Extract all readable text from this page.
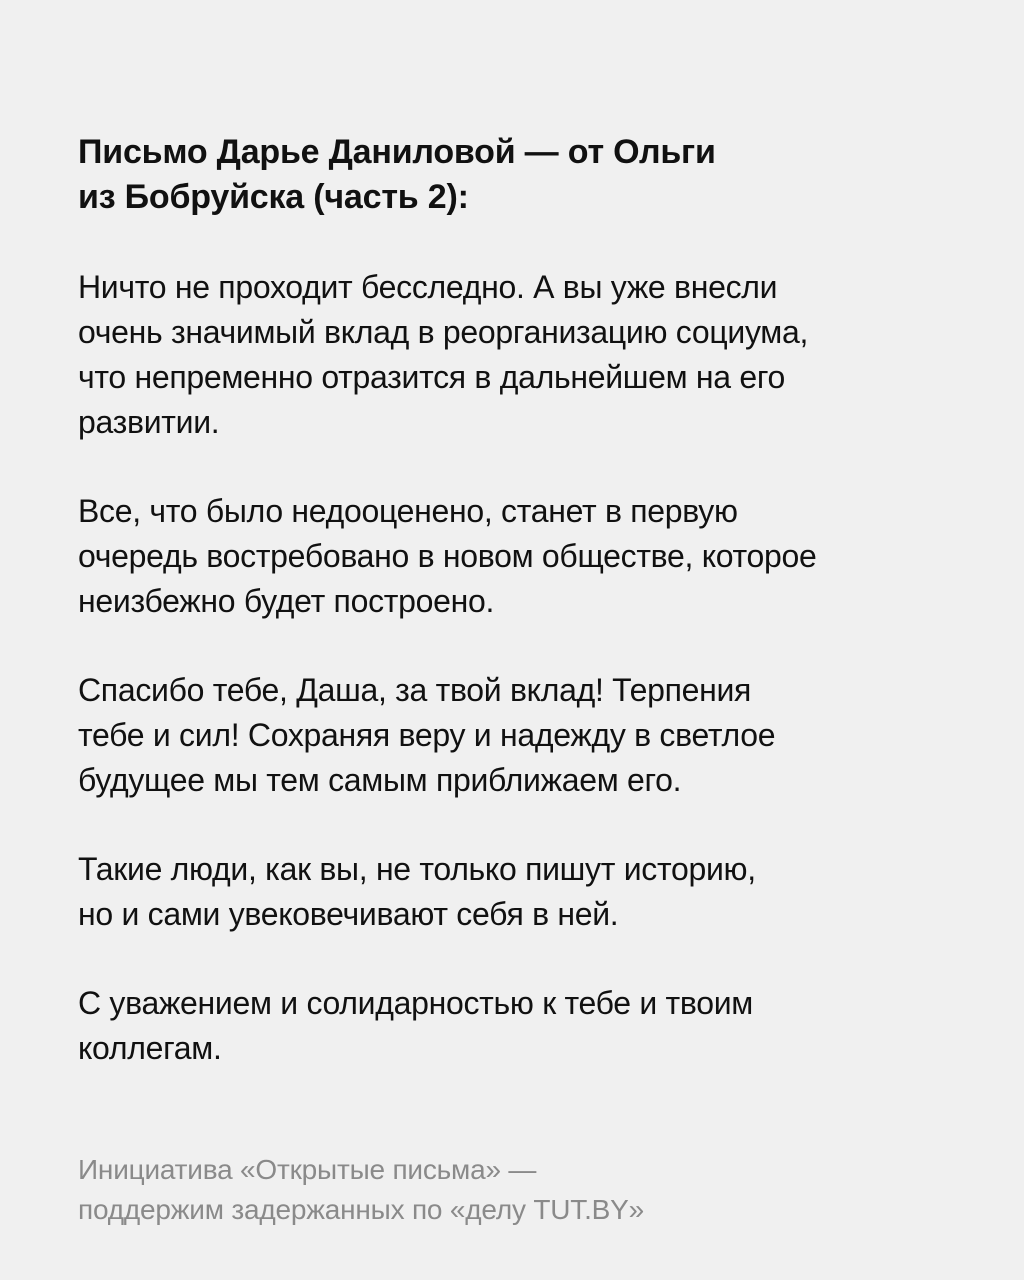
Письмо Дарье Даниловой — от Ольги
из Бобруйска (часть 2):
Ничто не проходит бесследно. А вы уже внесли
очень значимый вклад в реорганизацию социума,
что непременно отразится в дальнейшем на его
развитии.
Все, что было недооценено, станет в первую
очередь востребовано в новом обществе, которое
неизбежно будет построено.
Спасибо тебе, Даша, за твой вклад! Терпения
тебе и сил! Сохраняя веру и надежду в светлое
будущее мы тем самым приближаем его.
Такие люди, как вы, не только пишут историю,
но и сами увековечивают себя в ней.
С уважением и солидарностью к тебе и твоим
коллегам.
Инициатива «Открытые письма» —
поддержим задержанных по «делу TUT.BY»
